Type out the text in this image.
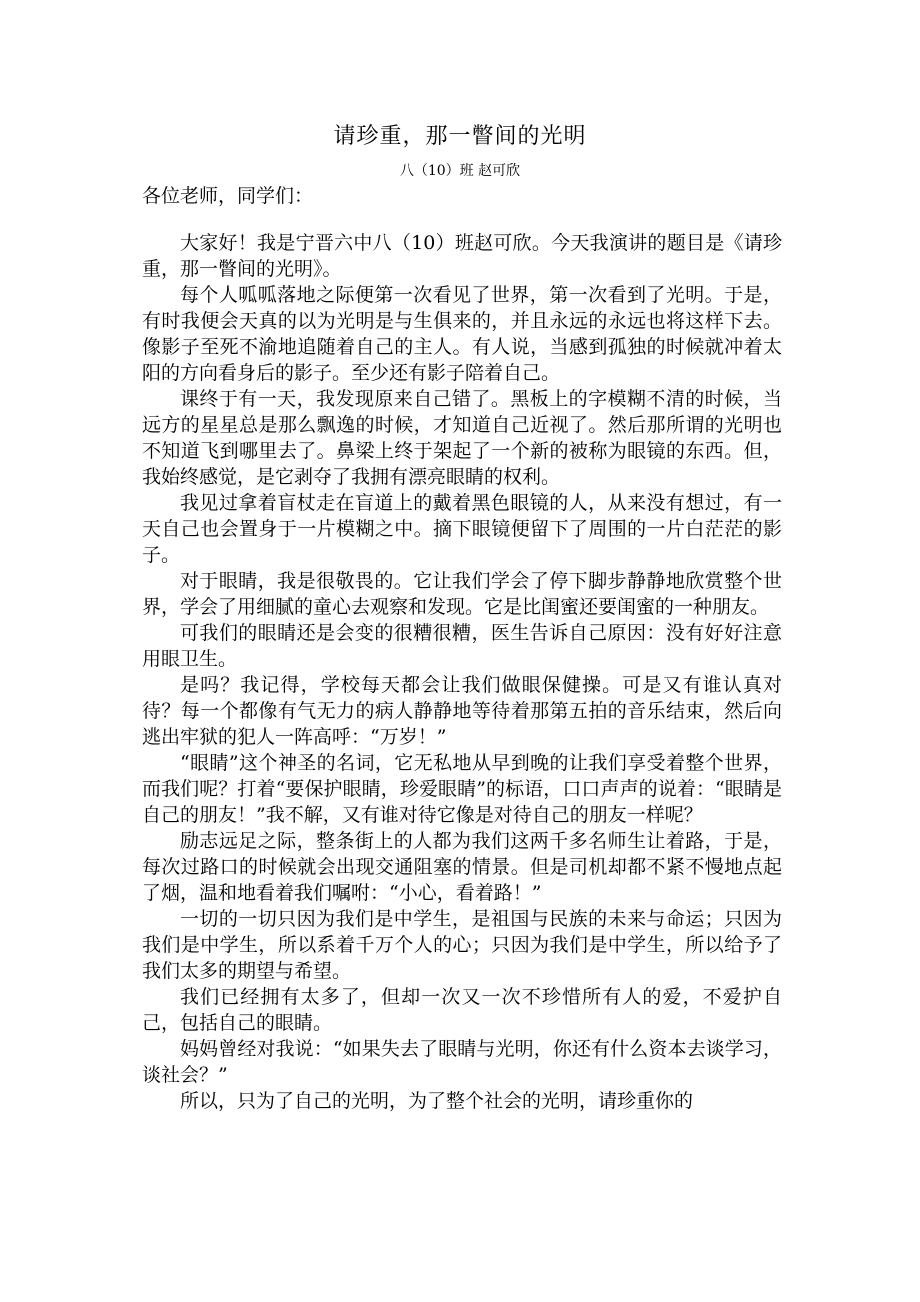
请珍重，那一瞥间的光明
八（10）班 赵可欣
各位老师，同学们：

大家好！我是宁晋六中八（10）班赵可欣。今天我演讲的题目是《请珍重，那一瞥间的光明》。

每个人呱呱落地之际便第一次看见了世界，第一次看到了光明。于是，有时我便会天真的以为光明是与生俱来的，并且永远的永远也将这样下去。像影子至死不渝地追随着自己的主人。有人说，当感到孤独的时候就冲着太阳的方向看身后的影子。至少还有影子陪着自己。

课终于有一天，我发现原来自己错了。黑板上的字模糊不清的时候，当远方的星星总是那么飘逸的时候，才知道自己近视了。然后那所谓的光明也不知道飞到哪里去了。鼻梁上终于架起了一个新的被称为眼镜的东西。但，我始终感觉，是它剥夺了我拥有漂亮眼睛的权利。

我见过拿着盲杖走在盲道上的戴着黑色眼镜的人，从来没有想过，有一天自己也会置身于一片模糊之中。摘下眼镜便留下了周围的一片白茫茫的影子。

对于眼睛，我是很敬畏的。它让我们学会了停下脚步静静地欣赏整个世界，学会了用细腻的童心去观察和发现。它是比闺蜜还要闺蜜的一种朋友。

可我们的眼睛还是会变的很糟很糟，医生告诉自己原因：没有好好注意用眼卫生。

是吗？我记得，学校每天都会让我们做眼保健操。可是又有谁认真对待？每一个都像有气无力的病人静静地等待着那第五拍的音乐结束，然后向逃出牢狱的犯人一阵高呼：“万岁！”

“眼睛”这个神圣的名词，它无私地从早到晚的让我们享受着整个世界，而我们呢？打着“要保护眼睛，珍爱眼睛”的标语，口口声声的说着：“眼睛是自己的朋友！”我不解，又有谁对待它像是对待自己的朋友一样呢？

励志远足之际，整条街上的人都为我们这两千多名师生让着路，于是，每次过路口的时候就会出现交通阻塞的情景。但是司机却都不紧不慢地点起了烟，温和地看着我们嘱咐：“小心，看着路！”

一切的一切只因为我们是中学生，是祖国与民族的未来与命运；只因为我们是中学生，所以系着千万个人的心；只因为我们是中学生，所以给予了我们太多的期望与希望。

我们已经拥有太多了，但却一次又一次不珍惜所有人的爱，不爱护自己，包括自己的眼睛。

妈妈曾经对我说：“如果失去了眼睛与光明，你还有什么资本去谈学习，谈社会？”

所以，只为了自己的光明，为了整个社会的光明，请珍重你的
